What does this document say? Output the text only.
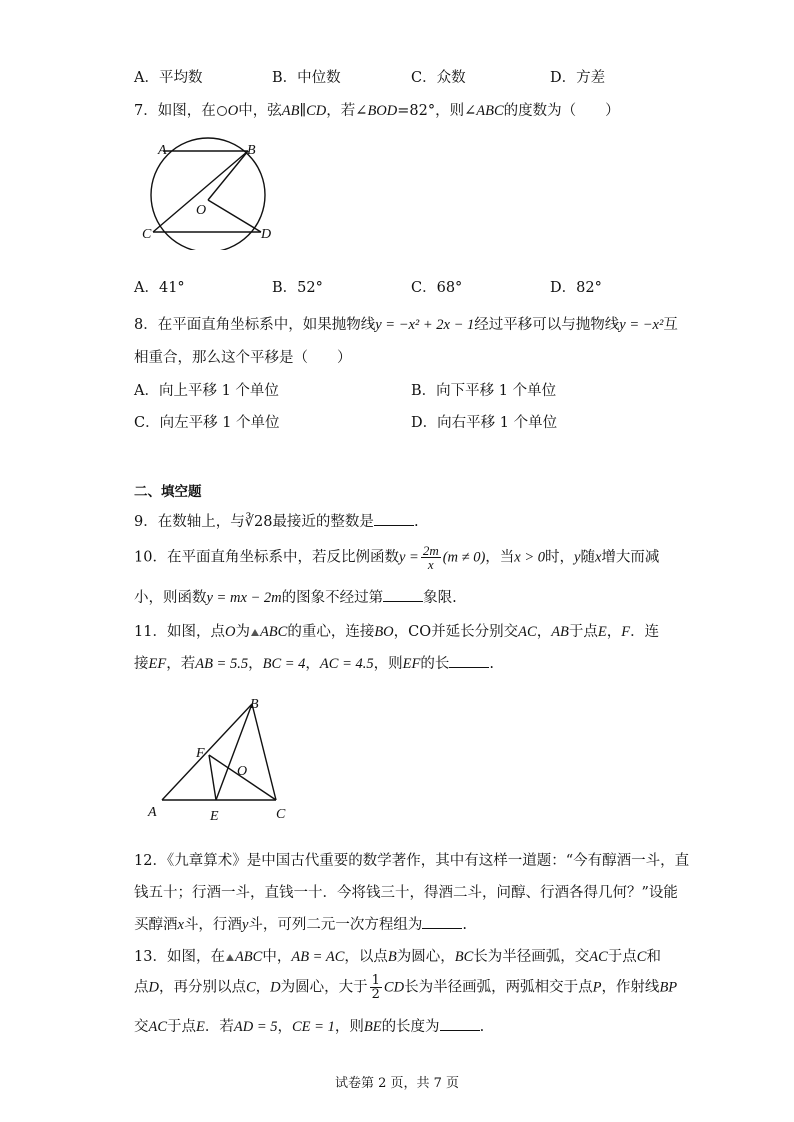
A．平均数	B．中位数	C．众数	D．方差
7．如图，在 O中，弦AB∥CD，若∠BOD=82°，则∠ABC的度数为（　　）
A	B
C	D
O
A．41°	B．52°	C．68°	D．82°
8．在平面直角坐标系中，如果抛物线y = −x² + 2x − 1经过平移可以与抛物线y = −x²互
相重合，那么这个平移是（　　）
A．向上平移 1 个单位	B．向下平移 1 个单位
C．向左平移 1 个单位	D．向右平移 1 个单位
二、填空题
9．在数轴上，与∛28最接近的整数是	.
10．在平面直角坐标系中，若反比例函数$y = \frac{2m}{x} (m \ne 0)$，当x > 0时，y随x增大而减
小，则函数y = mx − 2m的图象不经过第	象限.
11．如图，点O为 ABC的重心，连接BO，CO并延长分别交AC，AB于点E，F．连
接EF，若AB = 5.5，BC = 4，AC = 4.5，则EF的长	.
B
F
O
A	E	C
12．《九章算术》是中国古代重要的数学著作，其中有这样一道题：“今有醇酒一斗，直
钱五十；行酒一斗，直钱一十．今将钱三十，得酒二斗，问醇、行酒各得几何？”设能
买醇酒x斗，行酒y斗，可列二元一次方程组为	.
13．如图，在 ABC中，AB = AC，以点B为圆心，BC长为半径画弧，交AC于点C和
点D，再分别以点C，D为圆心，大于 $\frac{1}{2}$ CD长为半径画弧，两弧相交于点P，作射线BP
交AC于点E．若AD = 5，CE = 1，则BE的长度为	.
试卷第 2 页，共 7 页
